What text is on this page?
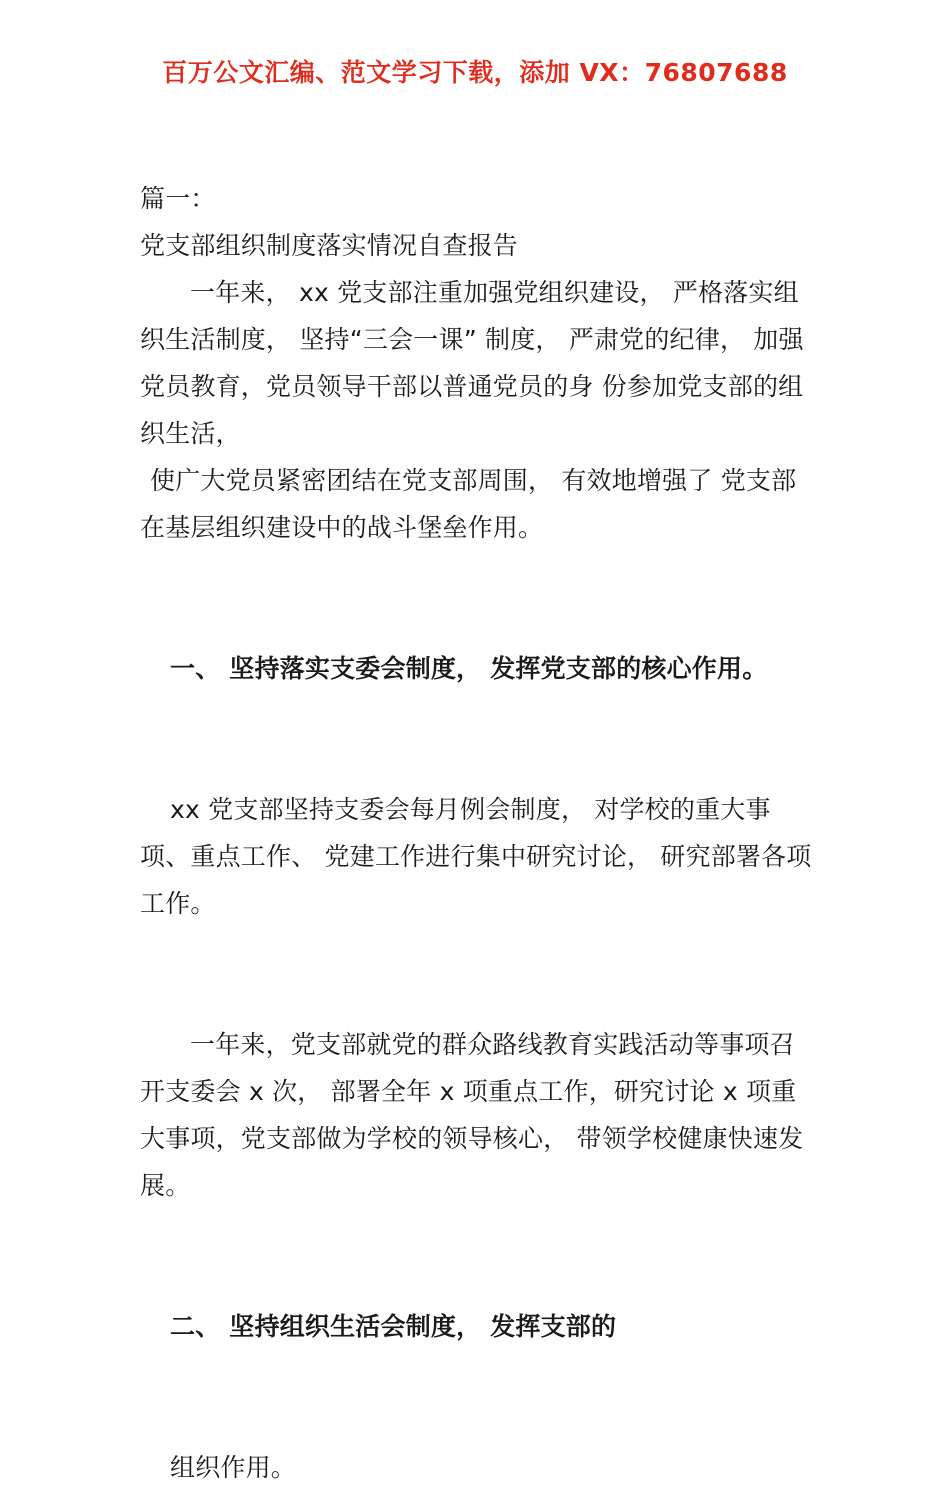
百万公文汇编、范文学习下载，添加 VX：76807688
篇一：
党支部组织制度落实情况自查报告

一年来， xx 党支部注重加强党组织建设， 严格落实组织生活制度， 坚持“三会一课” 制度， 严肃党的纪律， 加强党员教育，党员领导干部以普通党员的身 份参加党支部的组织生活，

使广大党员紧密团结在党支部周围， 有效地增强了 党支部在基层组织建设中的战斗堡垒作用。

一、 坚持落实支委会制度， 发挥党支部的核心作用。

xx 党支部坚持支委会每月例会制度， 对学校的重大事项、重点工作、 党建工作进行集中研究讨论， 研究部署各项工作。

一年来，党支部就党的群众路线教育实践活动等事项召开支委会 x 次， 部署全年 x 项重点工作，研究讨论 x 项重大事项，党支部做为学校的领导核心， 带领学校健康快速发展。

二、 坚持组织生活会制度， 发挥支部的

组织作用。
